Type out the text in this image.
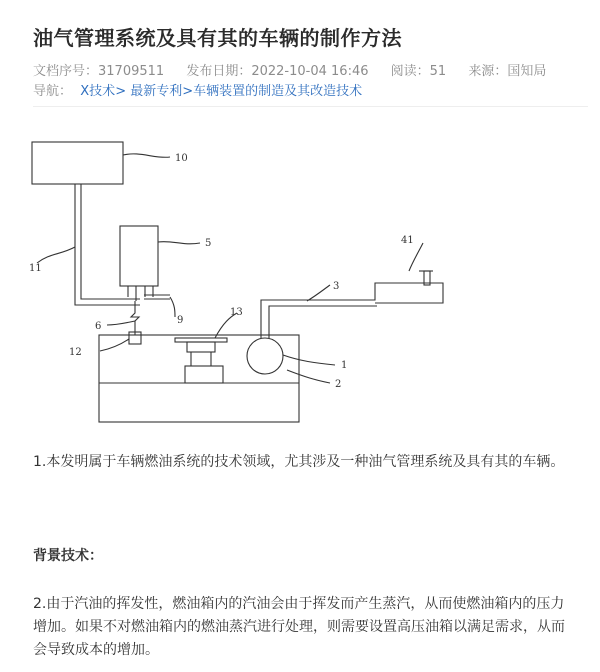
油气管理系统及具有其的车辆的制作方法
文档序号：31709511 发布日期：2022-10-04 16:46 阅读：51 来源：国知局
导航： X技术> 最新专利>车辆装置的制造及其改造技术
10
5
11
41
3
9
6
13
12
1
2
1.本发明属于车辆燃油系统的技术领域，尤其涉及一种油气管理系统及具有其的车辆。
背景技术：
2.由于汽油的挥发性，燃油箱内的汽油会由于挥发而产生蒸汽，从而使燃油箱内的压力增加。如果不对燃油箱内的燃油蒸汽进行处理，则需要设置高压油箱以满足需求，从而会导致成本的增加。
